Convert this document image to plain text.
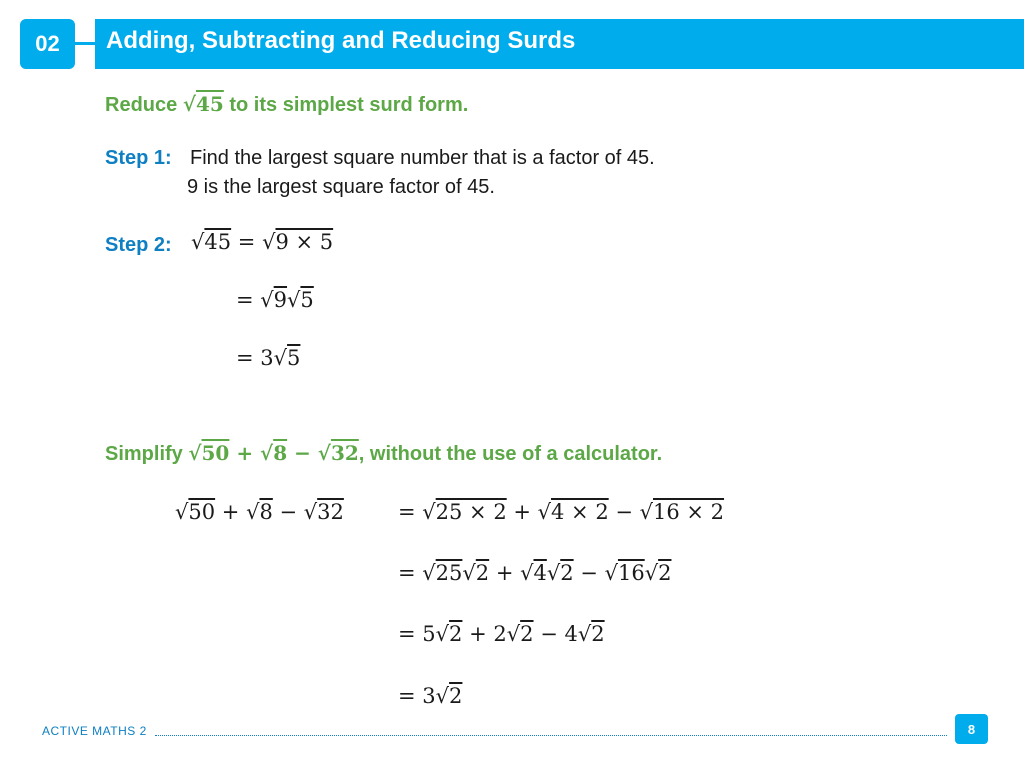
02 Adding, Subtracting and Reducing Surds
Reduce √45 to its simplest surd form.
Step 1: Find the largest square number that is a factor of 45.
9 is the largest square factor of 45.
Step 2: √45 = √9 × 5
= √9√5
= 3√5
Simplify √50 + √8 − √32, without the use of a calculator.
√50 + √8 − √32	= √25 × 2 + √4 × 2 − √16 × 2
= √25√2 + √4√2 − √16√2
= 5√2 + 2√2 − 4√2
= 3√2
ACTIVE MATHS 2	8
